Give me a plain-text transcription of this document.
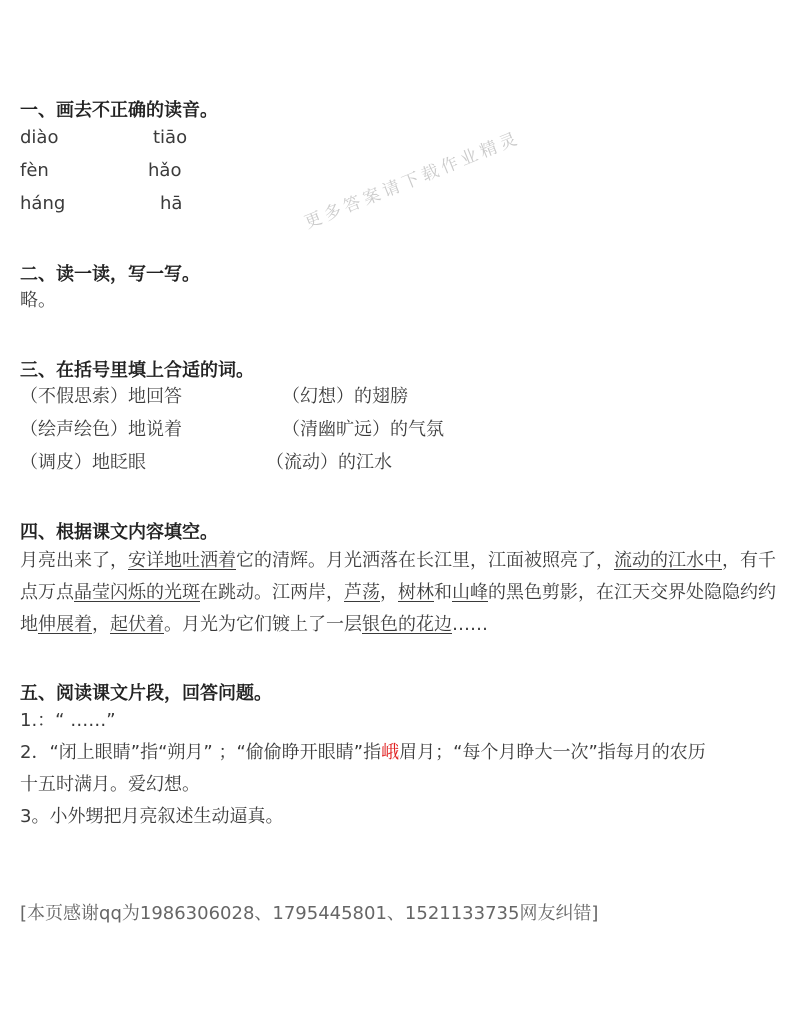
更多答案请下载作业精灵
一、画去不正确的读音。
diào	tiāo
fèn	hǎo
háng	hā
二、读一读，写一写。
略。
三、在括号里填上合适的词。
（不假思索）地回答	（幻想）的翅膀
（绘声绘色）地说着	（清幽旷远）的气氛
（调皮）地眨眼	（流动）的江水
四、根据课文内容填空。
月亮出来了，安详地吐洒着它的清辉。月光洒落在长江里，江面被照亮了，流动的江水中，有千
点万点晶莹闪烁的光斑在跳动。江两岸，芦荡，树林和山峰的黑色剪影，在江天交界处隐隐约约
地伸展着，起伏着。月光为它们镀上了一层银色的花边……
五、阅读课文片段，回答问题。
1.：“ ……”
2．“闭上眼睛”指“朔月” ；“偷偷睁开眼睛”指峨眉月；“每个月睁大一次”指每月的农历
十五时满月。爱幻想。
3。小外甥把月亮叙述生动逼真。
[本页感谢qq为1986306028、1795445801、1521133735网友纠错]
